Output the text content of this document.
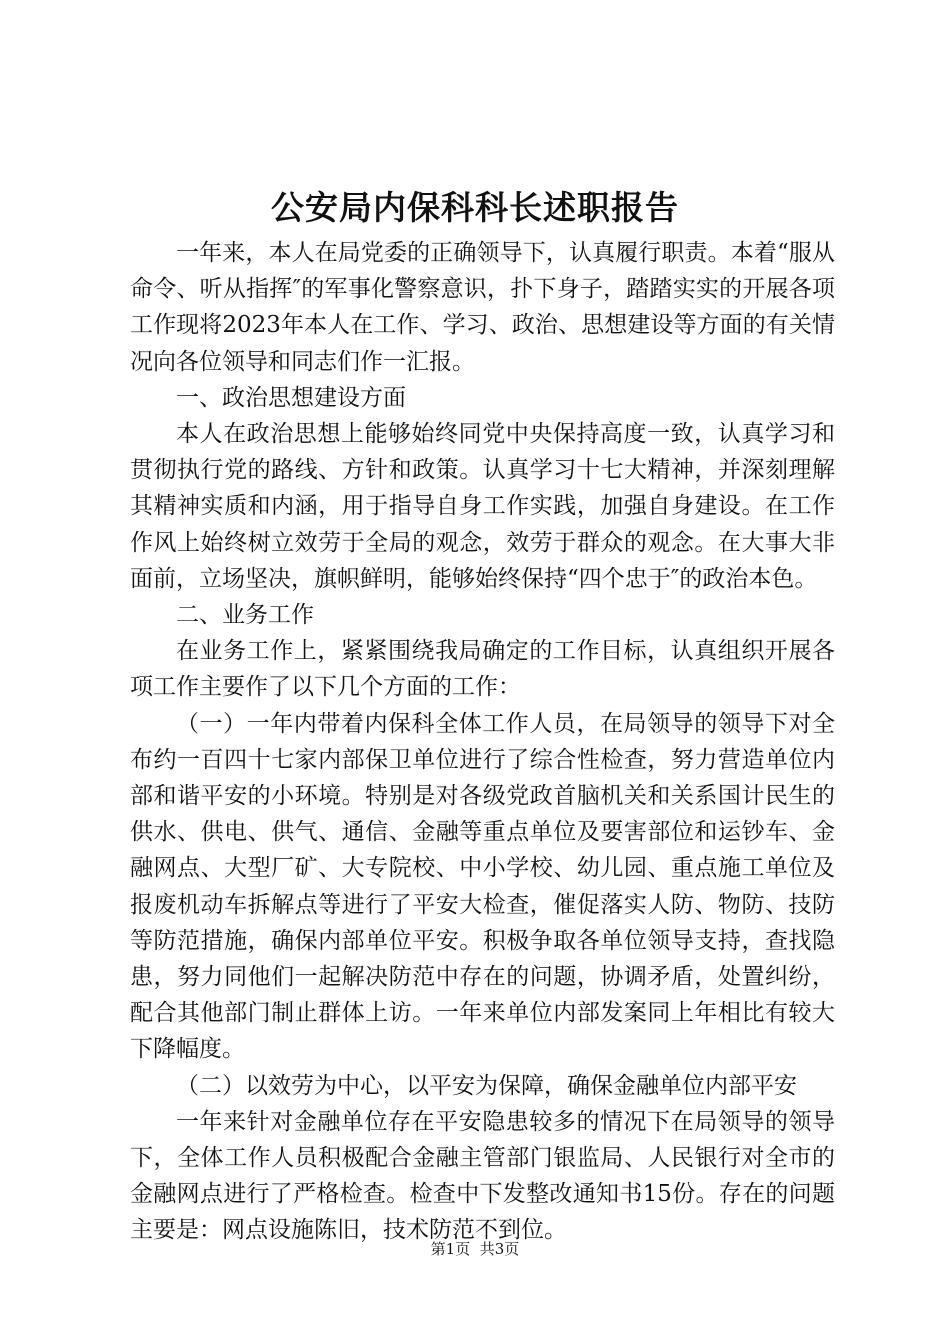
公安局内保科科长述职报告

一年来，本人在局党委的正确领导下，认真履行职责。本着“服从命令、听从指挥″的军事化警察意识，扑下身子，踏踏实实的开展各项工作现将2023年本人在工作、学习、政治、思想建设等方面的有关情况向各位领导和同志们作一汇报。

一、政治思想建设方面

本人在政治思想上能够始终同党中央保持高度一致，认真学习和贯彻执行党的路线、方针和政策。认真学习十七大精神，并深刻理解其精神实质和内涵，用于指导自身工作实践，加强自身建设。在工作作风上始终树立效劳于全局的观念，效劳于群众的观念。在大事大非面前，立场坚决，旗帜鲜明，能够始终保持“四个忠于″的政治本色。

二、业务工作

在业务工作上，紧紧围绕我局确定的工作目标，认真组织开展各项工作主要作了以下几个方面的工作：

（一）一年内带着内保科全体工作人员，在局领导的领导下对全布约一百四十七家内部保卫单位进行了综合性检查，努力营造单位内部和谐平安的小环境。特别是对各级党政首脑机关和关系国计民生的供水、供电、供气、通信、金融等重点单位及要害部位和运钞车、金融网点、大型厂矿、大专院校、中小学校、幼儿园、重点施工单位及报废机动车拆解点等进行了平安大检查，催促落实人防、物防、技防等防范措施，确保内部单位平安。积极争取各单位领导支持，查找隐患，努力同他们一起解决防范中存在的问题，协调矛盾，处置纠纷，配合其他部门制止群体上访。一年来单位内部发案同上年相比有较大下降幅度。

（二）以效劳为中心，以平安为保障，确保金融单位内部平安

一年来针对金融单位存在平安隐患较多的情况下在局领导的领导下，全体工作人员积极配合金融主管部门银监局、人民银行对全市的金融网点进行了严格检查。检查中下发整改通知书15份。存在的问题主要是：网点设施陈旧，技术防范不到位。

第1页 共3页
